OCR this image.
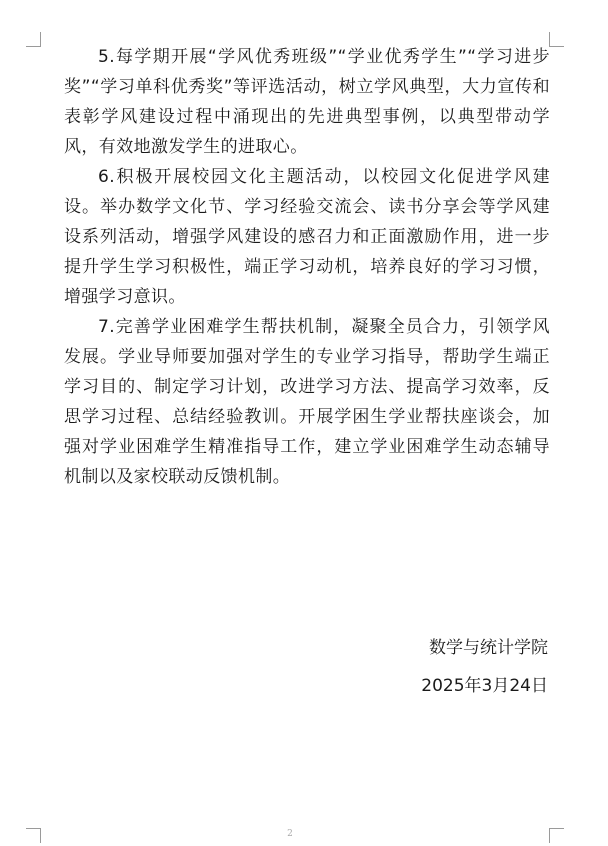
5.每学期开展“学风优秀班级”“学业优秀学生”“学习进步奖”“学习单科优秀奖”等评选活动，树立学风典型，大力宣传和表彰学风建设过程中涌现出的先进典型事例，以典型带动学风，有效地激发学生的进取心。

6.积极开展校园文化主题活动，以校园文化促进学风建设。举办数学文化节、学习经验交流会、读书分享会等学风建设系列活动，增强学风建设的感召力和正面激励作用，进一步提升学生学习积极性，端正学习动机，培养良好的学习习惯，增强学习意识。

7.完善学业困难学生帮扶机制，凝聚全员合力，引领学风发展。学业导师要加强对学生的专业学习指导，帮助学生端正学习目的、制定学习计划，改进学习方法、提高学习效率，反思学习过程、总结经验教训。开展学困生学业帮扶座谈会，加强对学业困难学生精准指导工作，建立学业困难学生动态辅导机制以及家校联动反馈机制。

数学与统计学院
2025年3月24日
2
